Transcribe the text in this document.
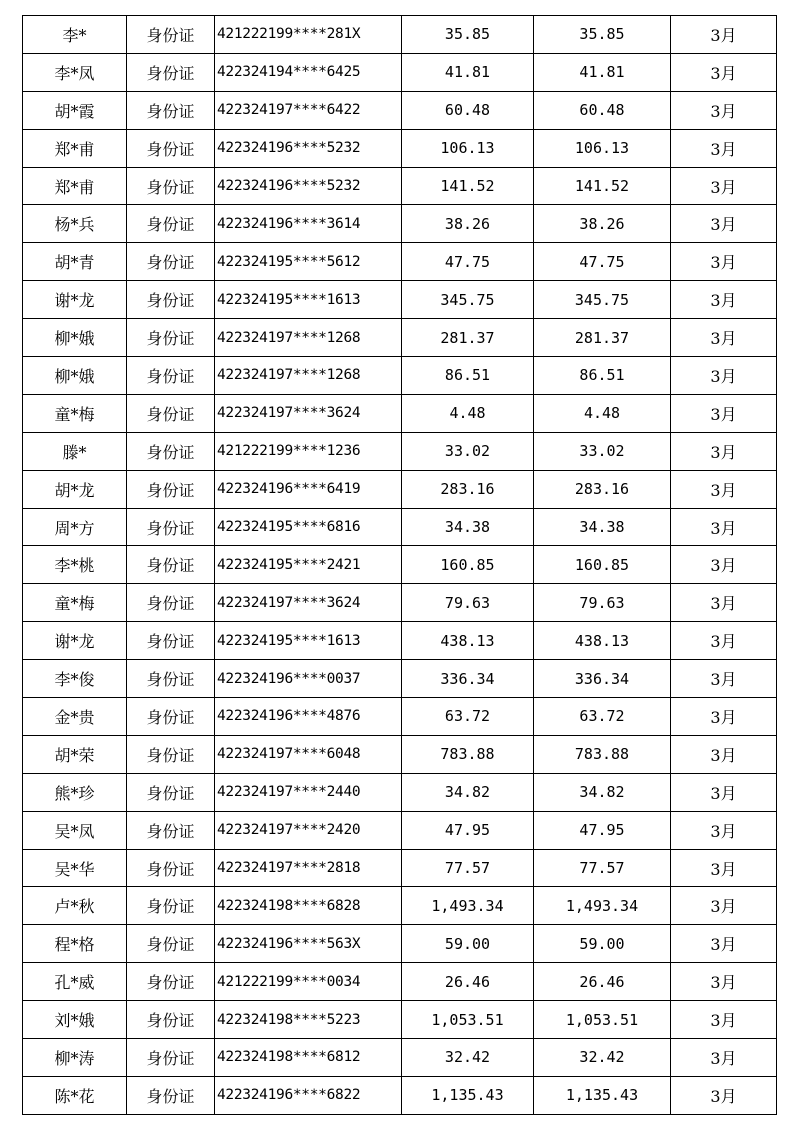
李*	身份证	421222199****281X	35.85	35.85	3月
李*凤	身份证	422324194****6425	41.81	41.81	3月
胡*霞	身份证	422324197****6422	60.48	60.48	3月
郑*甫	身份证	422324196****5232	106.13	106.13	3月
郑*甫	身份证	422324196****5232	141.52	141.52	3月
杨*兵	身份证	422324196****3614	38.26	38.26	3月
胡*青	身份证	422324195****5612	47.75	47.75	3月
谢*龙	身份证	422324195****1613	345.75	345.75	3月
柳*娥	身份证	422324197****1268	281.37	281.37	3月
柳*娥	身份证	422324197****1268	86.51	86.51	3月
童*梅	身份证	422324197****3624	4.48	4.48	3月
滕*	身份证	421222199****1236	33.02	33.02	3月
胡*龙	身份证	422324196****6419	283.16	283.16	3月
周*方	身份证	422324195****6816	34.38	34.38	3月
李*桃	身份证	422324195****2421	160.85	160.85	3月
童*梅	身份证	422324197****3624	79.63	79.63	3月
谢*龙	身份证	422324195****1613	438.13	438.13	3月
李*俊	身份证	422324196****0037	336.34	336.34	3月
金*贵	身份证	422324196****4876	63.72	63.72	3月
胡*荣	身份证	422324197****6048	783.88	783.88	3月
熊*珍	身份证	422324197****2440	34.82	34.82	3月
吴*凤	身份证	422324197****2420	47.95	47.95	3月
吴*华	身份证	422324197****2818	77.57	77.57	3月
卢*秋	身份证	422324198****6828	1,493.34	1,493.34	3月
程*格	身份证	422324196****563X	59.00	59.00	3月
孔*威	身份证	421222199****0034	26.46	26.46	3月
刘*娥	身份证	422324198****5223	1,053.51	1,053.51	3月
柳*涛	身份证	422324198****6812	32.42	32.42	3月
陈*花	身份证	422324196****6822	1,135.43	1,135.43	3月
